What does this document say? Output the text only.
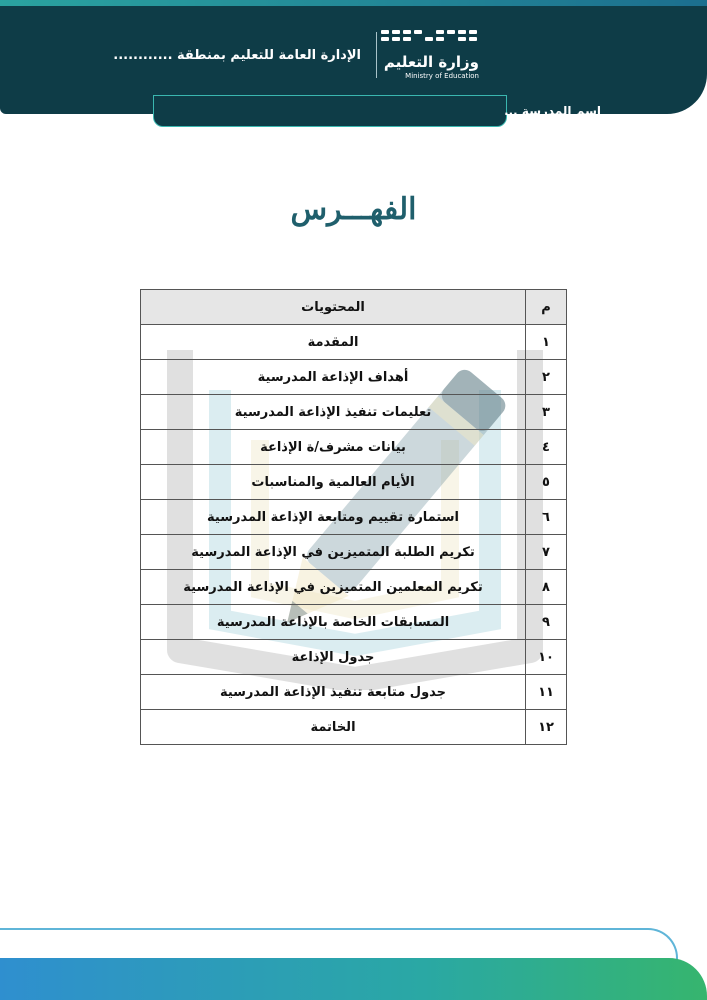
وزارة التعليم
Ministry of Education
الإدارة العامة للتعليم بمنطقة ............
اسم المدرسة ...
الفهـــرس
م	المحتويات
١	المقدمة
٢	أهداف الإذاعة المدرسية
٣	تعليمات تنفيذ الإذاعة المدرسية
٤	بيانات مشرف/ة الإذاعة
٥	الأيام العالمية والمناسبات
٦	استمارة تقييم ومتابعة الإذاعة المدرسية
٧	تكريم الطلبة المتميزين في الإذاعة المدرسية
٨	تكريم المعلمين المتميزين في الإذاعة المدرسية
٩	المسابقات الخاصة بالإذاعة المدرسية
١٠	جدول الإذاعة
١١	جدول متابعة تنفيذ الإذاعة المدرسية
١٢	الخاتمة
